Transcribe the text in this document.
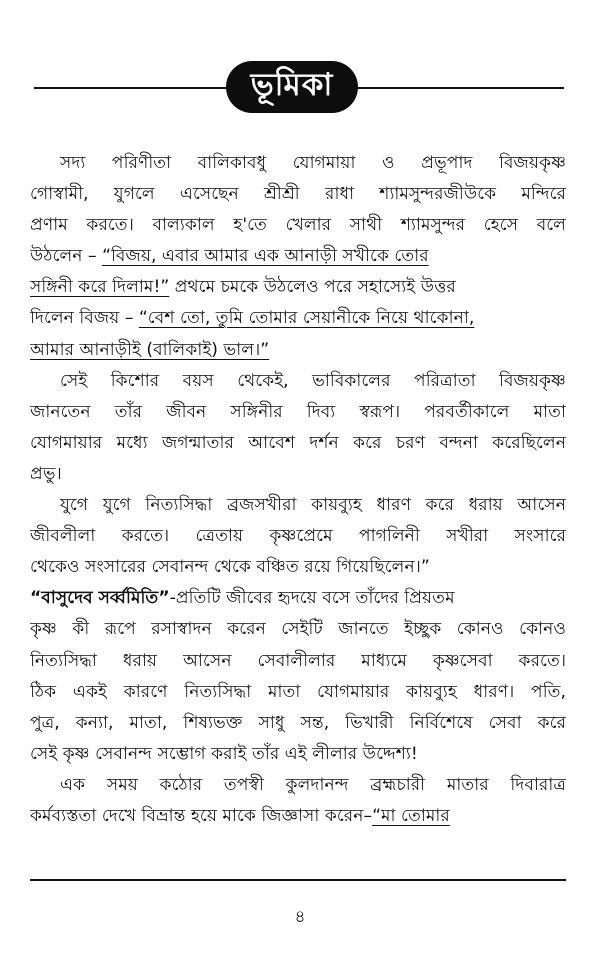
ভূমিকা
সদ্য পরিণীতা বালিকাবধু যোগমায়া ও প্রভূপাদ বিজয়কৃষ্ণ
গোস্বামী, যুগলে এসেছেন শ্রীশ্রী রাধা শ্যামসুন্দরজীউকে মন্দিরে
প্রণাম করতে। বাল্যকাল হ'তে খেলার সাথী শ্যামসুন্দর হেসে বলে
উঠলেন – “বিজয়, এবার আমার এক আনাড়ী সখীকে তোর
সঙ্গিনী করে দিলাম!” প্রথমে চমকে উঠলেও পরে সহাস্যেই উত্তর
দিলেন বিজয় – “বেশ তো, তুমি তোমার সেয়ানীকে নিয়ে থাকোনা,
আমার আনাড়ীই (বালিকাই) ভাল।”
সেই কিশোর বয়স থেকেই, ভাবিকালের পরিত্রাতা বিজয়কৃষ্ণ
জানতেন তাঁর জীবন সঙ্গিনীর দিব্য স্বরূপ। পরবর্তীকালে মাতা
যোগমায়ার মধ্যে জগন্মাতার আবেশ দর্শন করে চরণ বন্দনা করেছিলেন
প্রভু।
যুগে যুগে নিত্যসিদ্ধা ব্রজসখীরা কায়ব্যুহ ধারণ করে ধরায় আসেন
জীবলীলা করতে। ত্রেতায় কৃষ্ণপ্রেমে পাগলিনী সখীরা সংসারে
থেকেও সংসারের সেবানন্দ থেকে বঞ্চিত রয়ে গিয়েছিলেন।”
“বাসুদেব সর্ব্বমিতি”-প্রতিটি জীবের হৃদয়ে বসে তাঁদের প্রিয়তম
কৃষ্ণ কী রূপে রসাস্বাদন করেন সেইটি জানতে ইচ্ছুক কোনও কোনও
নিত্যসিদ্ধা ধরায় আসেন সেবালীলার মাধ্যমে কৃষ্ণসেবা করতে।
ঠিক একই কারণে নিত্যসিদ্ধা মাতা যোগমায়ার কায়ব্যুহ ধারণ। পতি,
পুত্র, কন্যা, মাতা, শিষ্যভক্ত সাধু সন্ত, ভিখারী নির্বিশেষে সেবা করে
সেই কৃষ্ণ সেবানন্দ সম্ভোগ করাই তাঁর এই লীলার উদ্দেশ্য!
এক সময় কঠোর তপস্বী কুলদানন্দ ব্রহ্মচারী মাতার দিবারাত্র
কর্মব্যস্ততা দেখে বিভ্রান্ত হয়ে মাকে জিজ্ঞাসা করেন–“মা তোমার
৪
